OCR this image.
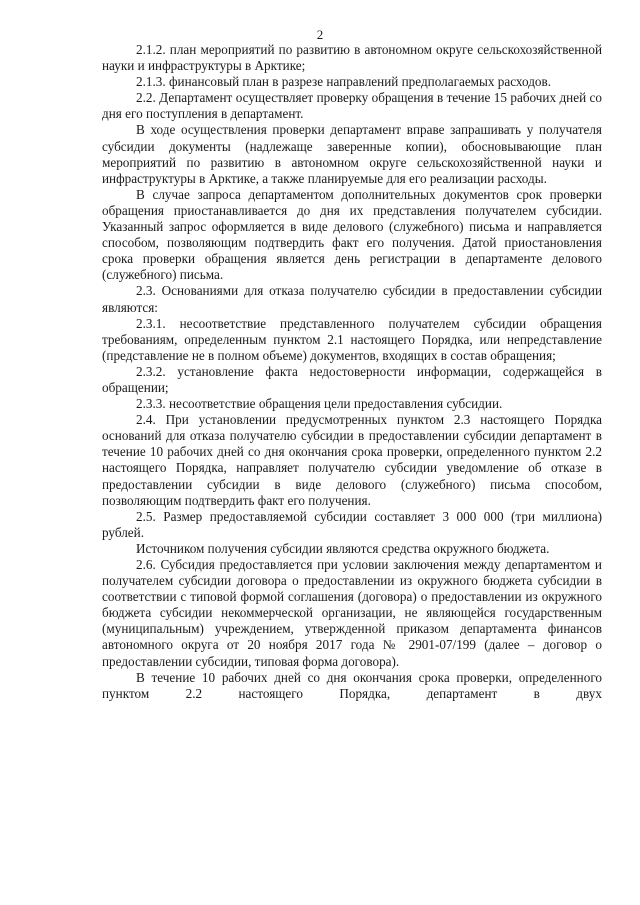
2

2.1.2. план мероприятий по развитию в автономном округе сельскохозяйственной науки и инфраструктуры в Арктике;

2.1.3. финансовый план в разрезе направлений предполагаемых расходов.

2.2. Департамент осуществляет проверку обращения в течение 15 рабочих дней со дня его поступления в департамент.

В ходе осуществления проверки департамент вправе запрашивать у получателя субсидии документы (надлежаще заверенные копии), обосновывающие план мероприятий по развитию в автономном округе сельскохозяйственной науки и инфраструктуры в Арктике, а также планируемые для его реализации расходы.

В случае запроса департаментом дополнительных документов срок проверки обращения приостанавливается до дня их представления получателем субсидии. Указанный запрос оформляется в виде делового (служебного) письма и направляется способом, позволяющим подтвердить факт его получения. Датой приостановления срока проверки обращения является день регистрации в департаменте делового (служебного) письма.

2.3. Основаниями для отказа получателю субсидии в предоставлении субсидии являются:

2.3.1. несоответствие представленного получателем субсидии обращения требованиям, определенным пунктом 2.1 настоящего Порядка, или непредставление (представление не в полном объеме) документов, входящих в состав обращения;

2.3.2. установление факта недостоверности информации, содержащейся в обращении;

2.3.3. несоответствие обращения цели предоставления субсидии.

2.4. При установлении предусмотренных пунктом 2.3 настоящего Порядка оснований для отказа получателю субсидии в предоставлении субсидии департамент в течение 10 рабочих дней со дня окончания срока проверки, определенного пунктом 2.2 настоящего Порядка, направляет получателю субсидии уведомление об отказе в предоставлении субсидии в виде делового (служебного) письма способом, позволяющим подтвердить факт его получения.

2.5. Размер предоставляемой субсидии составляет 3 000 000 (три миллиона) рублей.

Источником получения субсидии являются средства окружного бюджета.

2.6. Субсидия предоставляется при условии заключения между департаментом и получателем субсидии договора о предоставлении из окружного бюджета субсидии в соответствии с типовой формой соглашения (договора) о предоставлении из окружного бюджета субсидии некоммерческой организации, не являющейся государственным (муниципальным) учреждением, утвержденной приказом департамента финансов автономного округа от 20 ноября 2017 года № 2901-07/199 (далее – договор о предоставлении субсидии, типовая форма договора).

В течение 10 рабочих дней со дня окончания срока проверки, определенного пунктом 2.2 настоящего Порядка, департамент в двух
